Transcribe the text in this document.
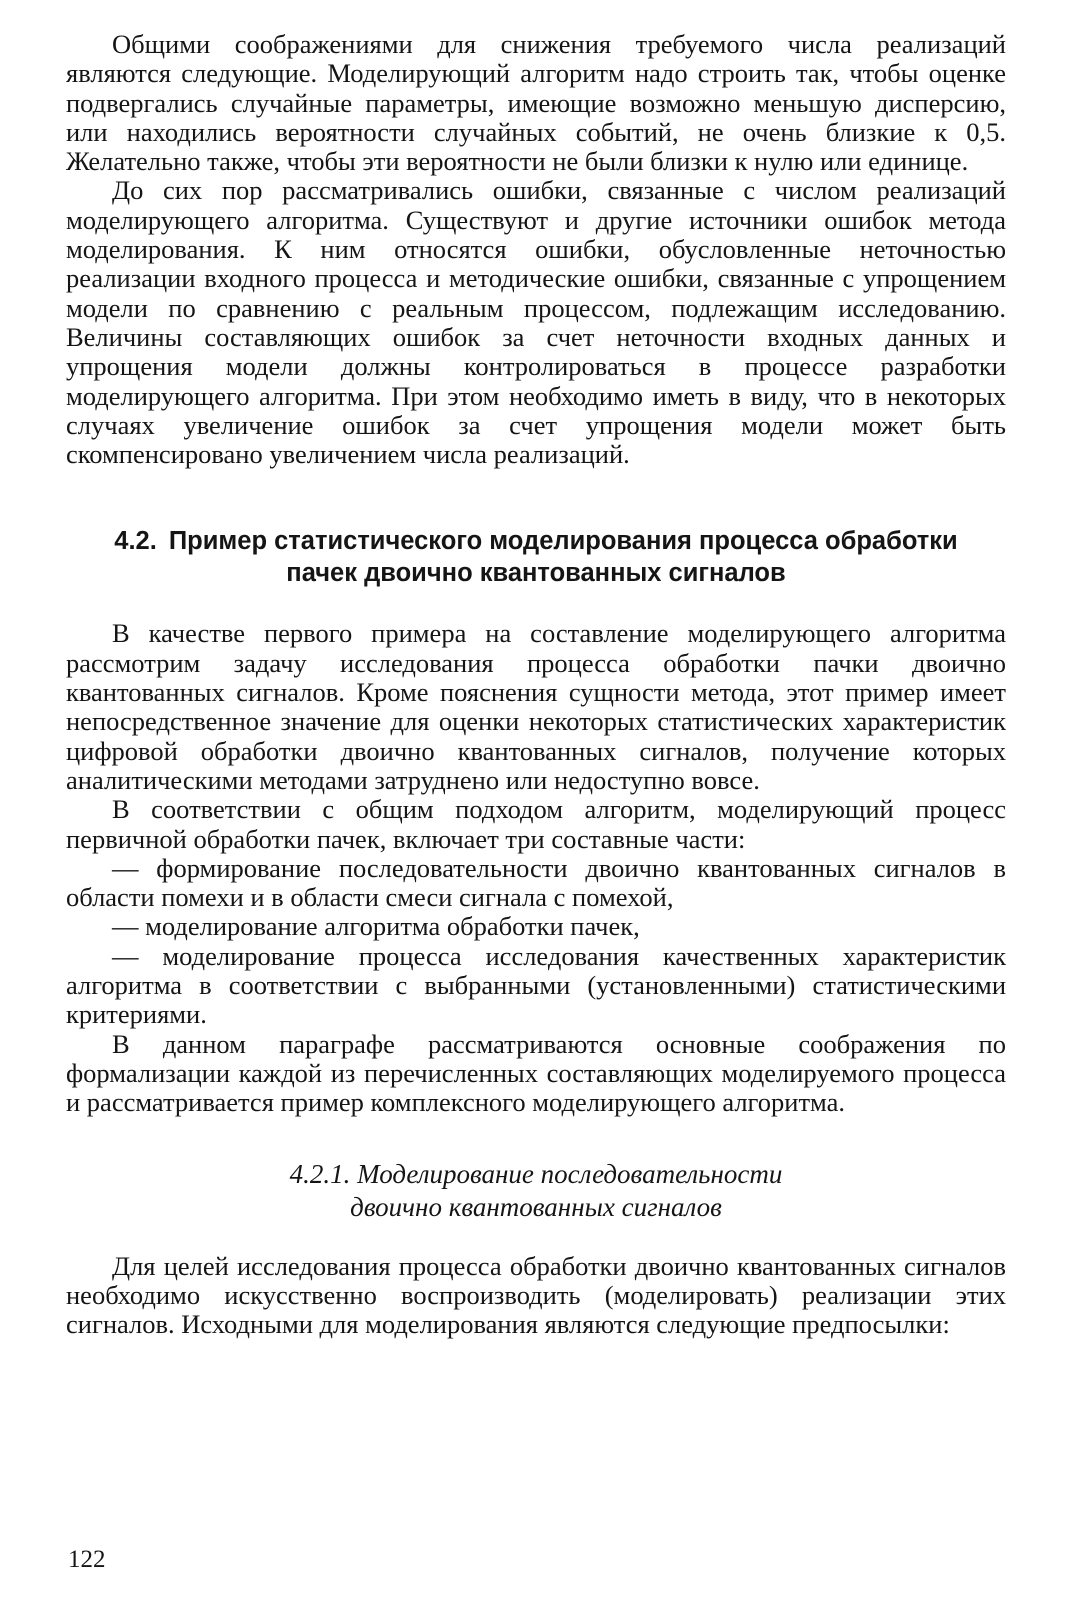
Общими соображениями для снижения требуемого числа реализаций являются следующие. Моделирующий алгоритм надо строить так, чтобы оценке подвергались случайные параметры, имеющие возможно меньшую дисперсию, или находились вероятности случайных событий, не очень близкие к 0,5. Желательно также, чтобы эти вероятности не были близки к нулю или единице.

До сих пор рассматривались ошибки, связанные с числом реализаций моделирующего алгоритма. Существуют и другие источники ошибок метода моделирования. К ним относятся ошибки, обусловленные неточностью реализации входного процесса и методические ошибки, связанные с упрощением модели по сравнению с реальным процессом, подлежащим исследованию. Величины составляющих ошибок за счет неточности входных данных и упрощения модели должны контролироваться в процессе разработки моделирующего алгоритма. При этом необходимо иметь в виду, что в некоторых случаях увеличение ошибок за счет упрощения модели может быть скомпенсировано увеличением числа реализаций.

4.2. Пример статистического моделирования процесса обработки
пачек двоично квантованных сигналов

В качестве первого примера на составление моделирующего алгоритма рассмотрим задачу исследования процесса обработки пачки двоично квантованных сигналов. Кроме пояснения сущности метода, этот пример имеет непосредственное значение для оценки некоторых статистических характеристик цифровой обработки двоично квантованных сигналов, получение которых аналитическими методами затруднено или недоступно вовсе.

В соответствии с общим подходом алгоритм, моделирующий процесс первичной обработки пачек, включает три составные части:

— формирование последовательности двоично квантованных сигналов в области помехи и в области смеси сигнала с помехой,

— моделирование алгоритма обработки пачек,

— моделирование процесса исследования качественных характеристик алгоритма в соответствии с выбранными (установленными) статистическими критериями.

В данном параграфе рассматриваются основные соображения по формализации каждой из перечисленных составляющих моделируемого процесса и рассматривается пример комплексного моделирующего алгоритма.

4.2.1. Моделирование последовательности
двоично квантованных сигналов

Для целей исследования процесса обработки двоично квантованных сигналов необходимо искусственно воспроизводить (моделировать) реализации этих сигналов. Исходными для моделирования являются следующие предпосылки:

122
